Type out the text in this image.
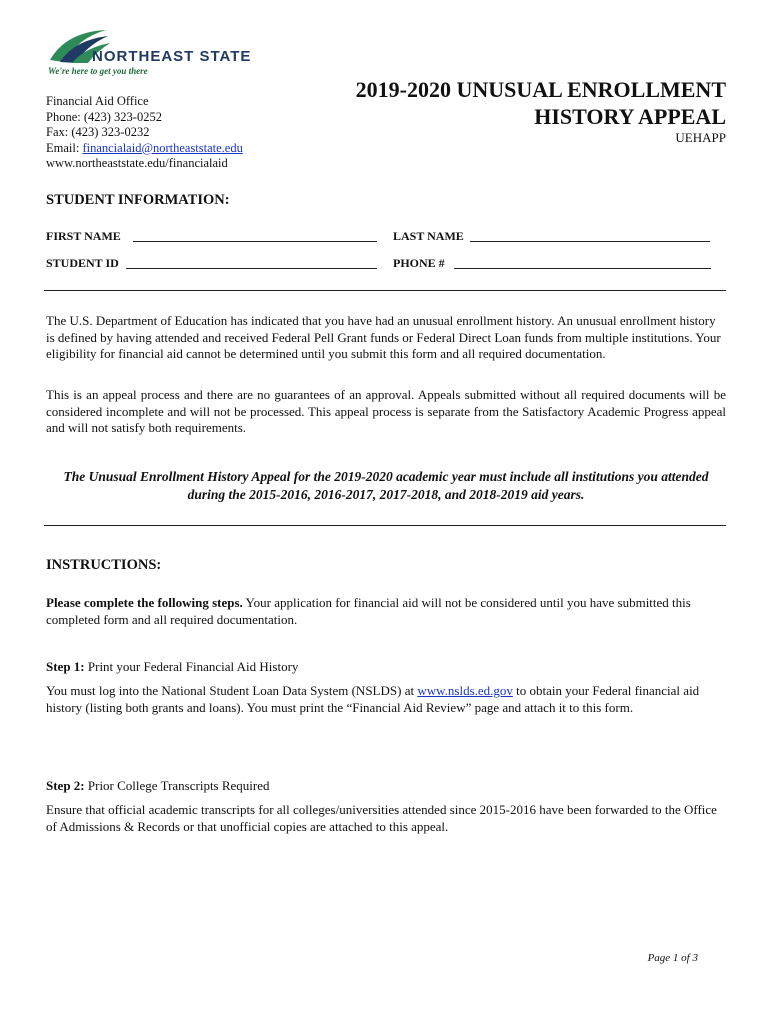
NORTHEAST STATE
We're here to get you there
Financial Aid Office
Phone: (423) 323-0252
Fax: (423) 323-0232
Email: financialaid@northeaststate.edu
www.northeaststate.edu/financialaid
2019-2020 UNUSUAL ENROLLMENT
HISTORY APPEAL
UEHAPP
STUDENT INFORMATION:
FIRST NAME	LAST NAME
STUDENT ID	PHONE #
The U.S. Department of Education has indicated that you have had an unusual enrollment history. An unusual enrollment history is defined by having attended and received Federal Pell Grant funds or Federal Direct Loan funds from multiple institutions. Your eligibility for financial aid cannot be determined until you submit this form and all required documentation.
This is an appeal process and there are no guarantees of an approval. Appeals submitted without all required documents will be considered incomplete and will not be processed. This appeal process is separate from the Satisfactory Academic Progress appeal and will not satisfy both requirements.
The Unusual Enrollment History Appeal for the 2019-2020 academic year must include all institutions you attended during the 2015-2016, 2016-2017, 2017-2018, and 2018-2019 aid years.
INSTRUCTIONS:
Please complete the following steps. Your application for financial aid will not be considered until you have submitted this completed form and all required documentation.
Step 1: Print your Federal Financial Aid History
You must log into the National Student Loan Data System (NSLDS) at www.nslds.ed.gov to obtain your Federal financial aid history (listing both grants and loans). You must print the “Financial Aid Review” page and attach it to this form.
Step 2: Prior College Transcripts Required
Ensure that official academic transcripts for all colleges/universities attended since 2015-2016 have been forwarded to the Office of Admissions & Records or that unofficial copies are attached to this appeal.
Page 1 of 3
